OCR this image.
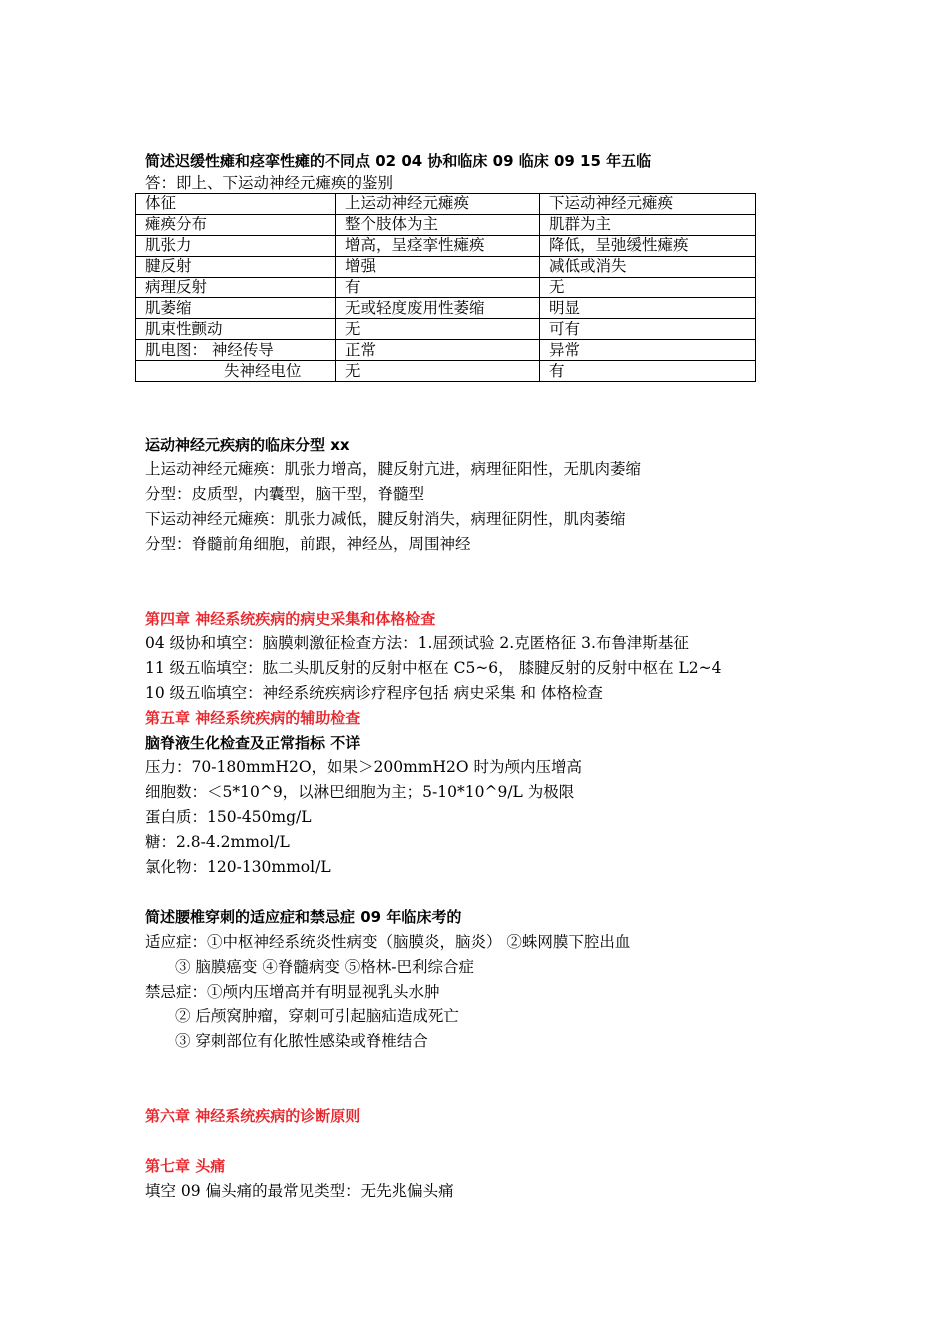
简述迟缓性瘫和痉挛性瘫的不同点 02 04 协和临床 09 临床 09 15 年五临
答：即上、下运动神经元瘫痪的鉴别
体征	上运动神经元瘫痪	下运动神经元瘫痪
瘫痪分布	整个肢体为主	肌群为主
肌张力	增高，呈痉挛性瘫痪	降低，呈弛缓性瘫痪
腱反射	增强	减低或消失
病理反射	有	无
肌萎缩	无或轻度废用性萎缩	明显
肌束性颤动	无	可有
肌电图： 神经传导	正常	异常
失神经电位	无	有
运动神经元疾病的临床分型 xx
上运动神经元瘫痪：肌张力增高，腱反射亢进，病理征阳性，无肌肉萎缩
分型：皮质型，内囊型，脑干型，脊髓型
下运动神经元瘫痪：肌张力减低，腱反射消失，病理征阴性，肌肉萎缩
分型：脊髓前角细胞，前跟，神经丛，周围神经
第四章 神经系统疾病的病史采集和体格检查
04 级协和填空：脑膜刺激征检查方法：1.屈颈试验 2.克匿格征 3.布鲁津斯基征
11 级五临填空：肱二头肌反射的反射中枢在 C5~6， 膝腱反射的反射中枢在 L2~4
10 级五临填空：神经系统疾病诊疗程序包括 病史采集 和 体格检查
第五章 神经系统疾病的辅助检查
脑脊液生化检查及正常指标 不详
压力：70-180mmH2O，如果＞200mmH2O 时为颅内压增高
细胞数：＜5*10^9，以淋巴细胞为主；5-10*10^9/L 为极限
蛋白质：150-450mg/L
糖：2.8-4.2mmol/L
氯化物：120-130mmol/L
简述腰椎穿刺的适应症和禁忌症 09 年临床考的
适应症：①中枢神经系统炎性病变（脑膜炎，脑炎） ②蛛网膜下腔出血
③ 脑膜癌变 ④脊髓病变 ⑤格林-巴利综合症
禁忌症：①颅内压增高并有明显视乳头水肿
② 后颅窝肿瘤，穿刺可引起脑疝造成死亡
③ 穿刺部位有化脓性感染或脊椎结合
第六章 神经系统疾病的诊断原则
第七章 头痛
填空 09 偏头痛的最常见类型：无先兆偏头痛
